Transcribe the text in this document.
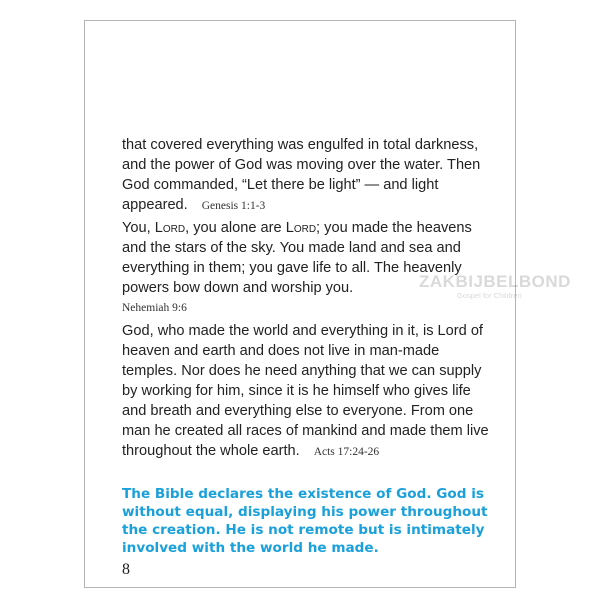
that covered everything was engulfed in total darkness, and the power of God was moving over the water. Then God commanded, “Let there be light” — and light appeared. Genesis 1:1-3
You, Lord, you alone are Lord; you made the heavens and the stars of the sky. You made land and sea and everything in them; you gave life to all. The heavenly powers bow down and worship you.
Nehemiah 9:6
God, who made the world and everything in it, is Lord of heaven and earth and does not live in man-made temples. Nor does he need anything that we can supply by working for him, since it is he himself who gives life and breath and everything else to everyone. From one man he created all races of mankind and made them live throughout the whole earth. Acts 17:24-26
The Bible declares the existence of God. God is without equal, displaying his power throughout the creation. He is not remote but is intimately involved with the world he made.
8
ZAKBIJBELBOND
Gospel for Children
